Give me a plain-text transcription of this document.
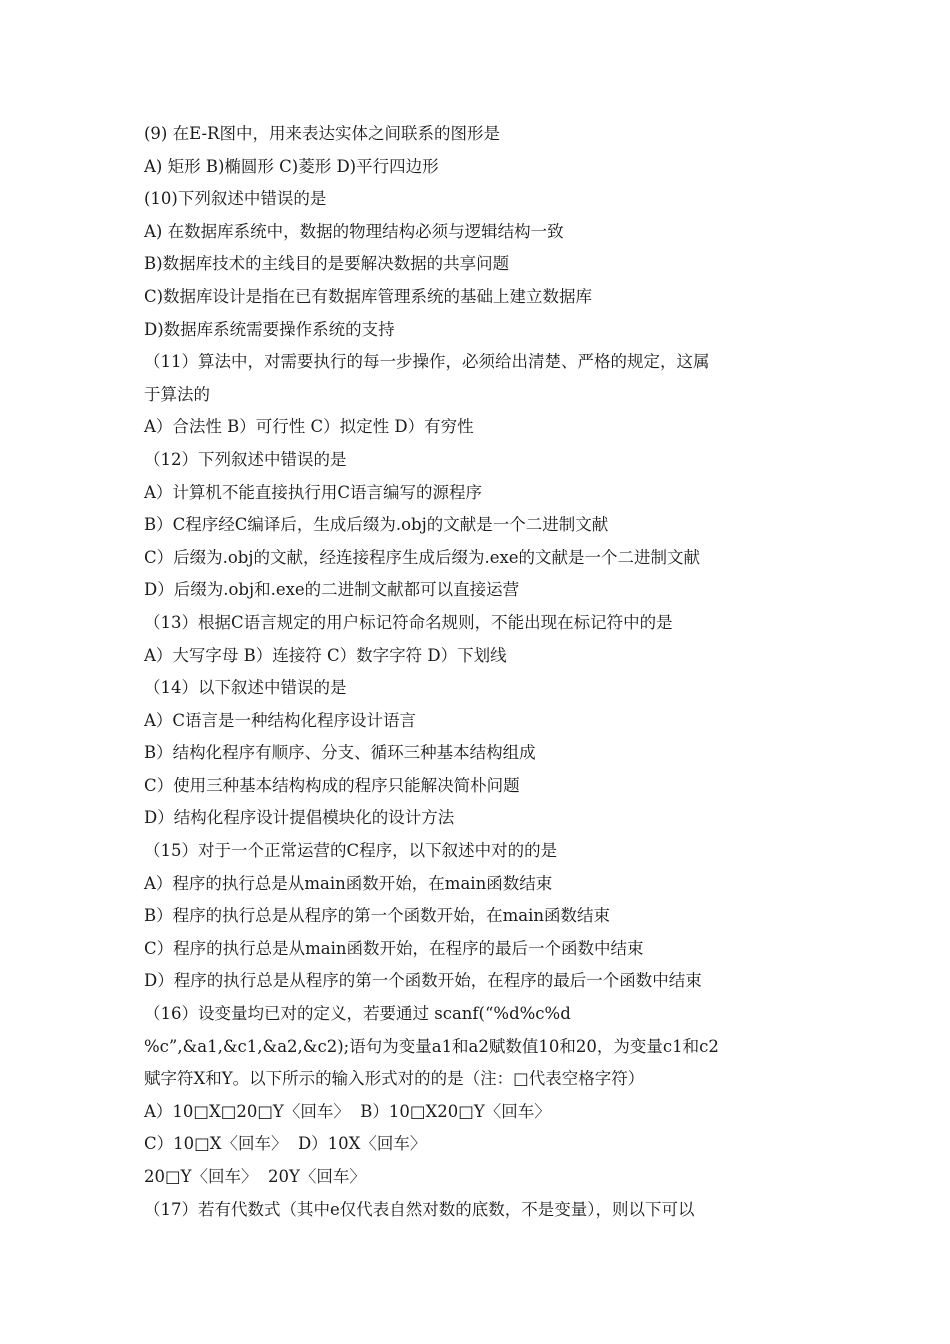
(9) 在E-R图中，用来表达实体之间联系的图形是
A) 矩形 B)椭圆形 C)菱形 D)平行四边形
(10)下列叙述中错误的是
A) 在数据库系统中，数据的物理结构必须与逻辑结构一致
B)数据库技术的主线目的是要解决数据的共享问题
C)数据库设计是指在已有数据库管理系统的基础上建立数据库
D)数据库系统需要操作系统的支持
（11）算法中，对需要执行的每一步操作，必须给出清楚、严格的规定，这属
于算法的
A）合法性 B）可行性 C）拟定性 D）有穷性
（12）下列叙述中错误的是
A）计算机不能直接执行用C语言编写的源程序
B）C程序经C编译后，生成后缀为.obj的文献是一个二进制文献
C）后缀为.obj的文献，经连接程序生成后缀为.exe的文献是一个二进制文献
D）后缀为.obj和.exe的二进制文献都可以直接运营
（13）根据C语言规定的用户标记符命名规则，不能出现在标记符中的是
A）大写字母 B）连接符 C）数字字符 D）下划线
（14）以下叙述中错误的是
A）C语言是一种结构化程序设计语言
B）结构化程序有顺序、分支、循环三种基本结构组成
C）使用三种基本结构构成的程序只能解决简朴问题
D）结构化程序设计提倡模块化的设计方法
（15）对于一个正常运营的C程序，以下叙述中对的的是
A）程序的执行总是从main函数开始，在main函数结束
B）程序的执行总是从程序的第一个函数开始，在main函数结束
C）程序的执行总是从main函数开始，在程序的最后一个函数中结束
D）程序的执行总是从程序的第一个函数开始，在程序的最后一个函数中结束
（16）设变量均已对的定义，若要通过 scanf(“%d%c%d
%c”,&a1,&c1,&a2,&c2);语句为变量a1和a2赋数值10和20，为变量c1和c2
赋字符X和Y。以下所示的输入形式对的的是（注：□代表空格字符）
A）10□X□20□Y〈回车〉  B）10□X20□Y〈回车〉
C）10□X〈回车〉  D）10X〈回车〉
20□Y〈回车〉  20Y〈回车〉
（17）若有代数式（其中e仅代表自然对数的底数，不是变量），则以下可以
